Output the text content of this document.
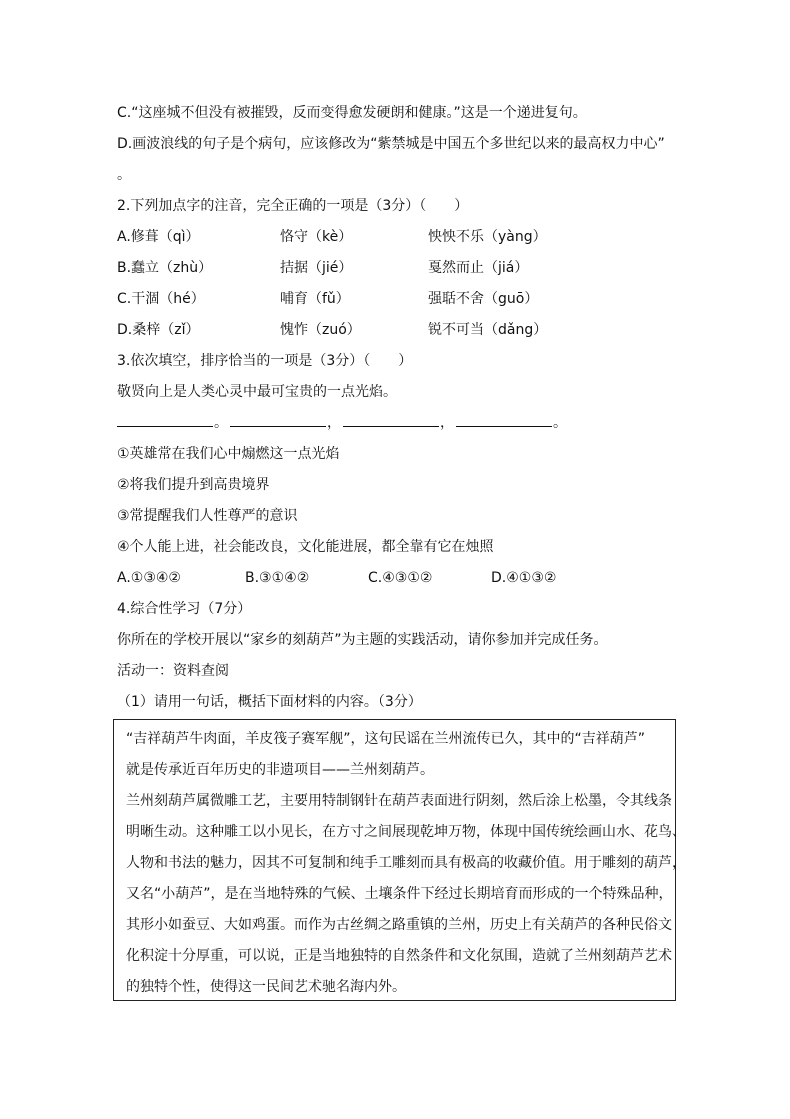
C.“这座城不但没有被摧毁，反而变得愈发硬朗和健康。”这是一个递进复句。
D.画波浪线的句子是个病句，应该修改为“紫禁城是中国五个多世纪以来的最高权力中心”
。
2.下列加点字的注音，完全正确的一项是（3分）（　　）
A.修葺（qì）	恪守（kè）	怏怏不乐（yàng）
B.蠢立（zhù）	拮据（jié）	戛然而止（jiá）
C.干涸（hé）	哺育（fǔ）	强聒不舍（guō）
D.桑梓（zǐ）	愧怍（zuó）	锐不可当（dǎng）
3.依次填空，排序恰当的一项是（3分）（　　）
敬贤向上是人类心灵中最可宝贵的一点光焰。
。	，	，	。
①英雄常在我们心中煽燃这一点光焰
②将我们提升到高贵境界
③常提醒我们人性尊严的意识
④个人能上进，社会能改良，文化能进展，都全靠有它在烛照
A.①③④②	B.③①④②	C.④③①②	D.④①③②
4.综合性学习（7分）
你所在的学校开展以“家乡的刻葫芦”为主题的实践活动，请你参加并完成任务。
活动一：资料查阅
（1）请用一句话，概括下面材料的内容。（3分）
“吉祥葫芦牛肉面，羊皮筏子赛军舰”，这句民谣在兰州流传已久，其中的“吉祥葫芦”
就是传承近百年历史的非遗项目——兰州刻葫芦。
兰州刻葫芦属微雕工艺，主要用特制钢针在葫芦表面进行阴刻，然后涂上松墨，令其线条
明晰生动。这种雕工以小见长，在方寸之间展现乾坤万物，体现中国传统绘画山水、花鸟、
人物和书法的魅力，因其不可复制和纯手工雕刻而具有极高的收藏价值。用于雕刻的葫芦，
又名“小葫芦”，是在当地特殊的气候、土壤条件下经过长期培育而形成的一个特殊品种，
其形小如蚕豆、大如鸡蛋。而作为古丝绸之路重镇的兰州，历史上有关葫芦的各种民俗文
化积淀十分厚重，可以说，正是当地独特的自然条件和文化氛围，造就了兰州刻葫芦艺术
的独特个性，使得这一民间艺术驰名海内外。
